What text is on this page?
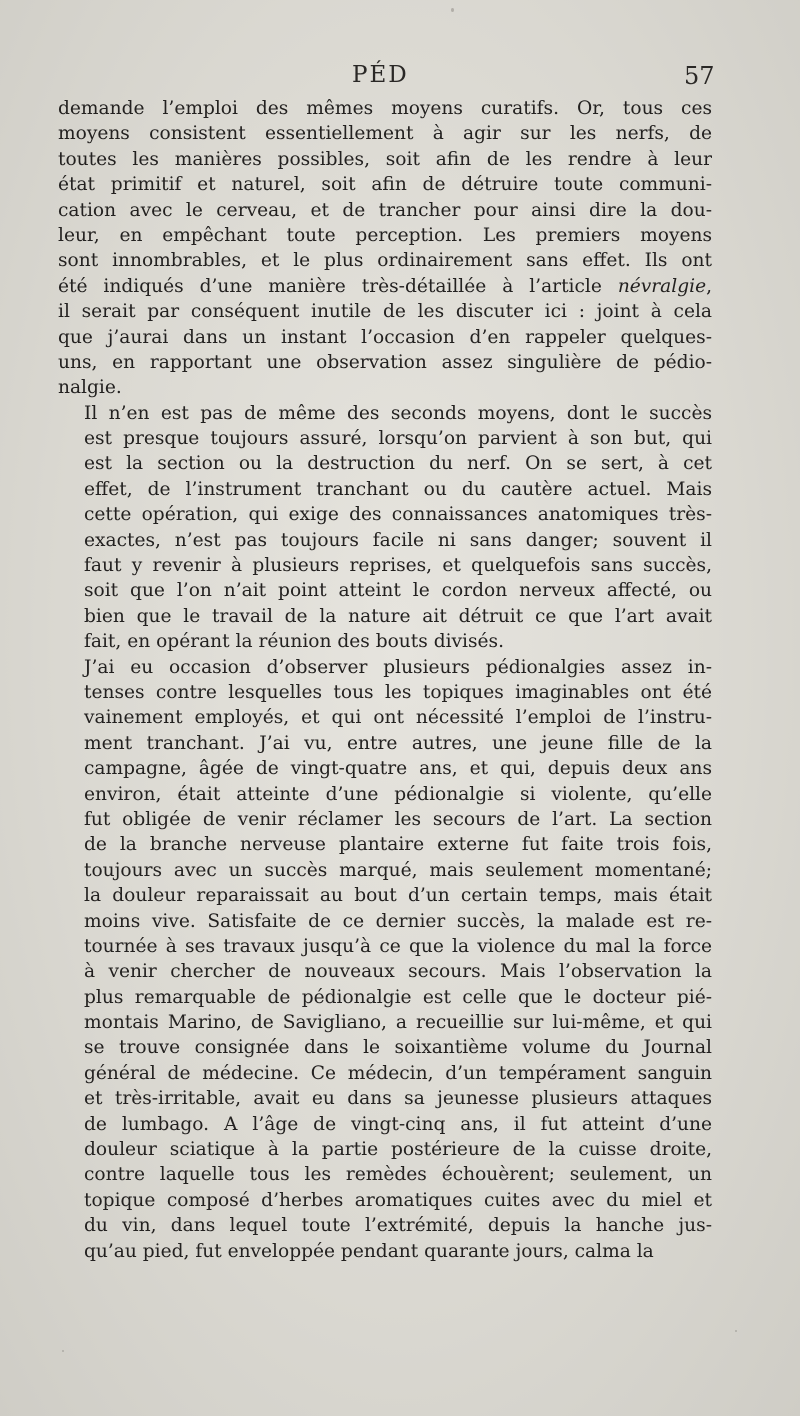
PÉD	57
demande l’emploi des mêmes moyens curatifs. Or, tous ces
moyens consistent essentiellement à agir sur les nerfs, de
toutes les manières possibles, soit afin de les rendre à leur
état primitif et naturel, soit afin de détruire toute communi-
cation avec le cerveau, et de trancher pour ainsi dire la dou-
leur, en empêchant toute perception. Les premiers moyens
sont innombrables, et le plus ordinairement sans effet. Ils ont
été indiqués d’une manière très-détaillée à l’article névralgie,
il serait par conséquent inutile de les discuter ici : joint à cela
que j’aurai dans un instant l’occasion d’en rappeler quelques-
uns, en rapportant une observation assez singulière de pédio-
nalgie.
Il n’en est pas de même des seconds moyens, dont le succès
est presque toujours assuré, lorsqu’on parvient à son but, qui
est la section ou la destruction du nerf. On se sert, à cet
effet, de l’instrument tranchant ou du cautère actuel. Mais
cette opération, qui exige des connaissances anatomiques très-
exactes, n’est pas toujours facile ni sans danger; souvent il
faut y revenir à plusieurs reprises, et quelquefois sans succès,
soit que l’on n’ait point atteint le cordon nerveux affecté, ou
bien que le travail de la nature ait détruit ce que l’art avait
fait, en opérant la réunion des bouts divisés.
J’ai eu occasion d’observer plusieurs pédionalgies assez in-
tenses contre lesquelles tous les topiques imaginables ont été
vainement employés, et qui ont nécessité l’emploi de l’instru-
ment tranchant. J’ai vu, entre autres, une jeune fille de la
campagne, âgée de vingt-quatre ans, et qui, depuis deux ans
environ, était atteinte d’une pédionalgie si violente, qu’elle
fut obligée de venir réclamer les secours de l’art. La section
de la branche nerveuse plantaire externe fut faite trois fois,
toujours avec un succès marqué, mais seulement momentané;
la douleur reparaissait au bout d’un certain temps, mais était
moins vive. Satisfaite de ce dernier succès, la malade est re-
tournée à ses travaux jusqu’à ce que la violence du mal la force
à venir chercher de nouveaux secours. Mais l’observation la
plus remarquable de pédionalgie est celle que le docteur pié-
montais Marino, de Savigliano, a recueillie sur lui-même, et qui
se trouve consignée dans le soixantième volume du Journal
général de médecine. Ce médecin, d’un tempérament sanguin
et très-irritable, avait eu dans sa jeunesse plusieurs attaques
de lumbago. A l’âge de vingt-cinq ans, il fut atteint d’une
douleur sciatique à la partie postérieure de la cuisse droite,
contre laquelle tous les remèdes échouèrent; seulement, un
topique composé d’herbes aromatiques cuites avec du miel et
du vin, dans lequel toute l’extrémité, depuis la hanche jus-
qu’au pied, fut enveloppée pendant quarante jours, calma la
